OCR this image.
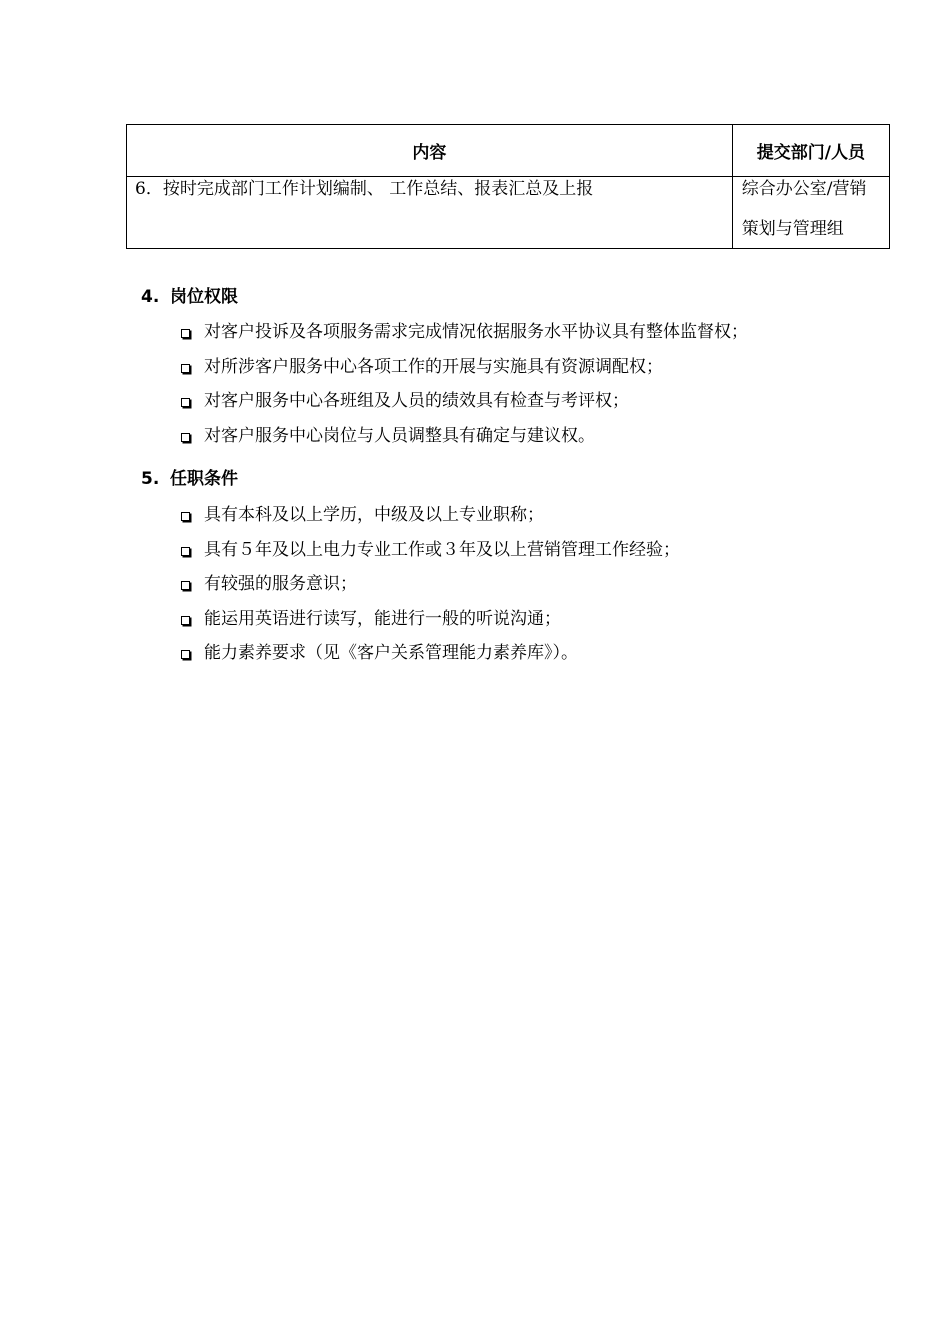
内容	提交部门/人员

6．按时完成部门工作计划编制、 工作总结、报表汇总及上报	综合办公室/营销
策划与管理组
4. 岗位权限
对客户投诉及各项服务需求完成情况依据服务水平协议具有整体监督权；
对所涉客户服务中心各项工作的开展与实施具有资源调配权；
对客户服务中心各班组及人员的绩效具有检查与考评权；
对客户服务中心岗位与人员调整具有确定与建议权。
5. 任职条件
具有本科及以上学历，中级及以上专业职称；
具有５年及以上电力专业工作或３年及以上营销管理工作经验；
有较强的服务意识；
能运用英语进行读写，能进行一般的听说沟通；
能力素养要求（见《客户关系管理能力素养库》）。
